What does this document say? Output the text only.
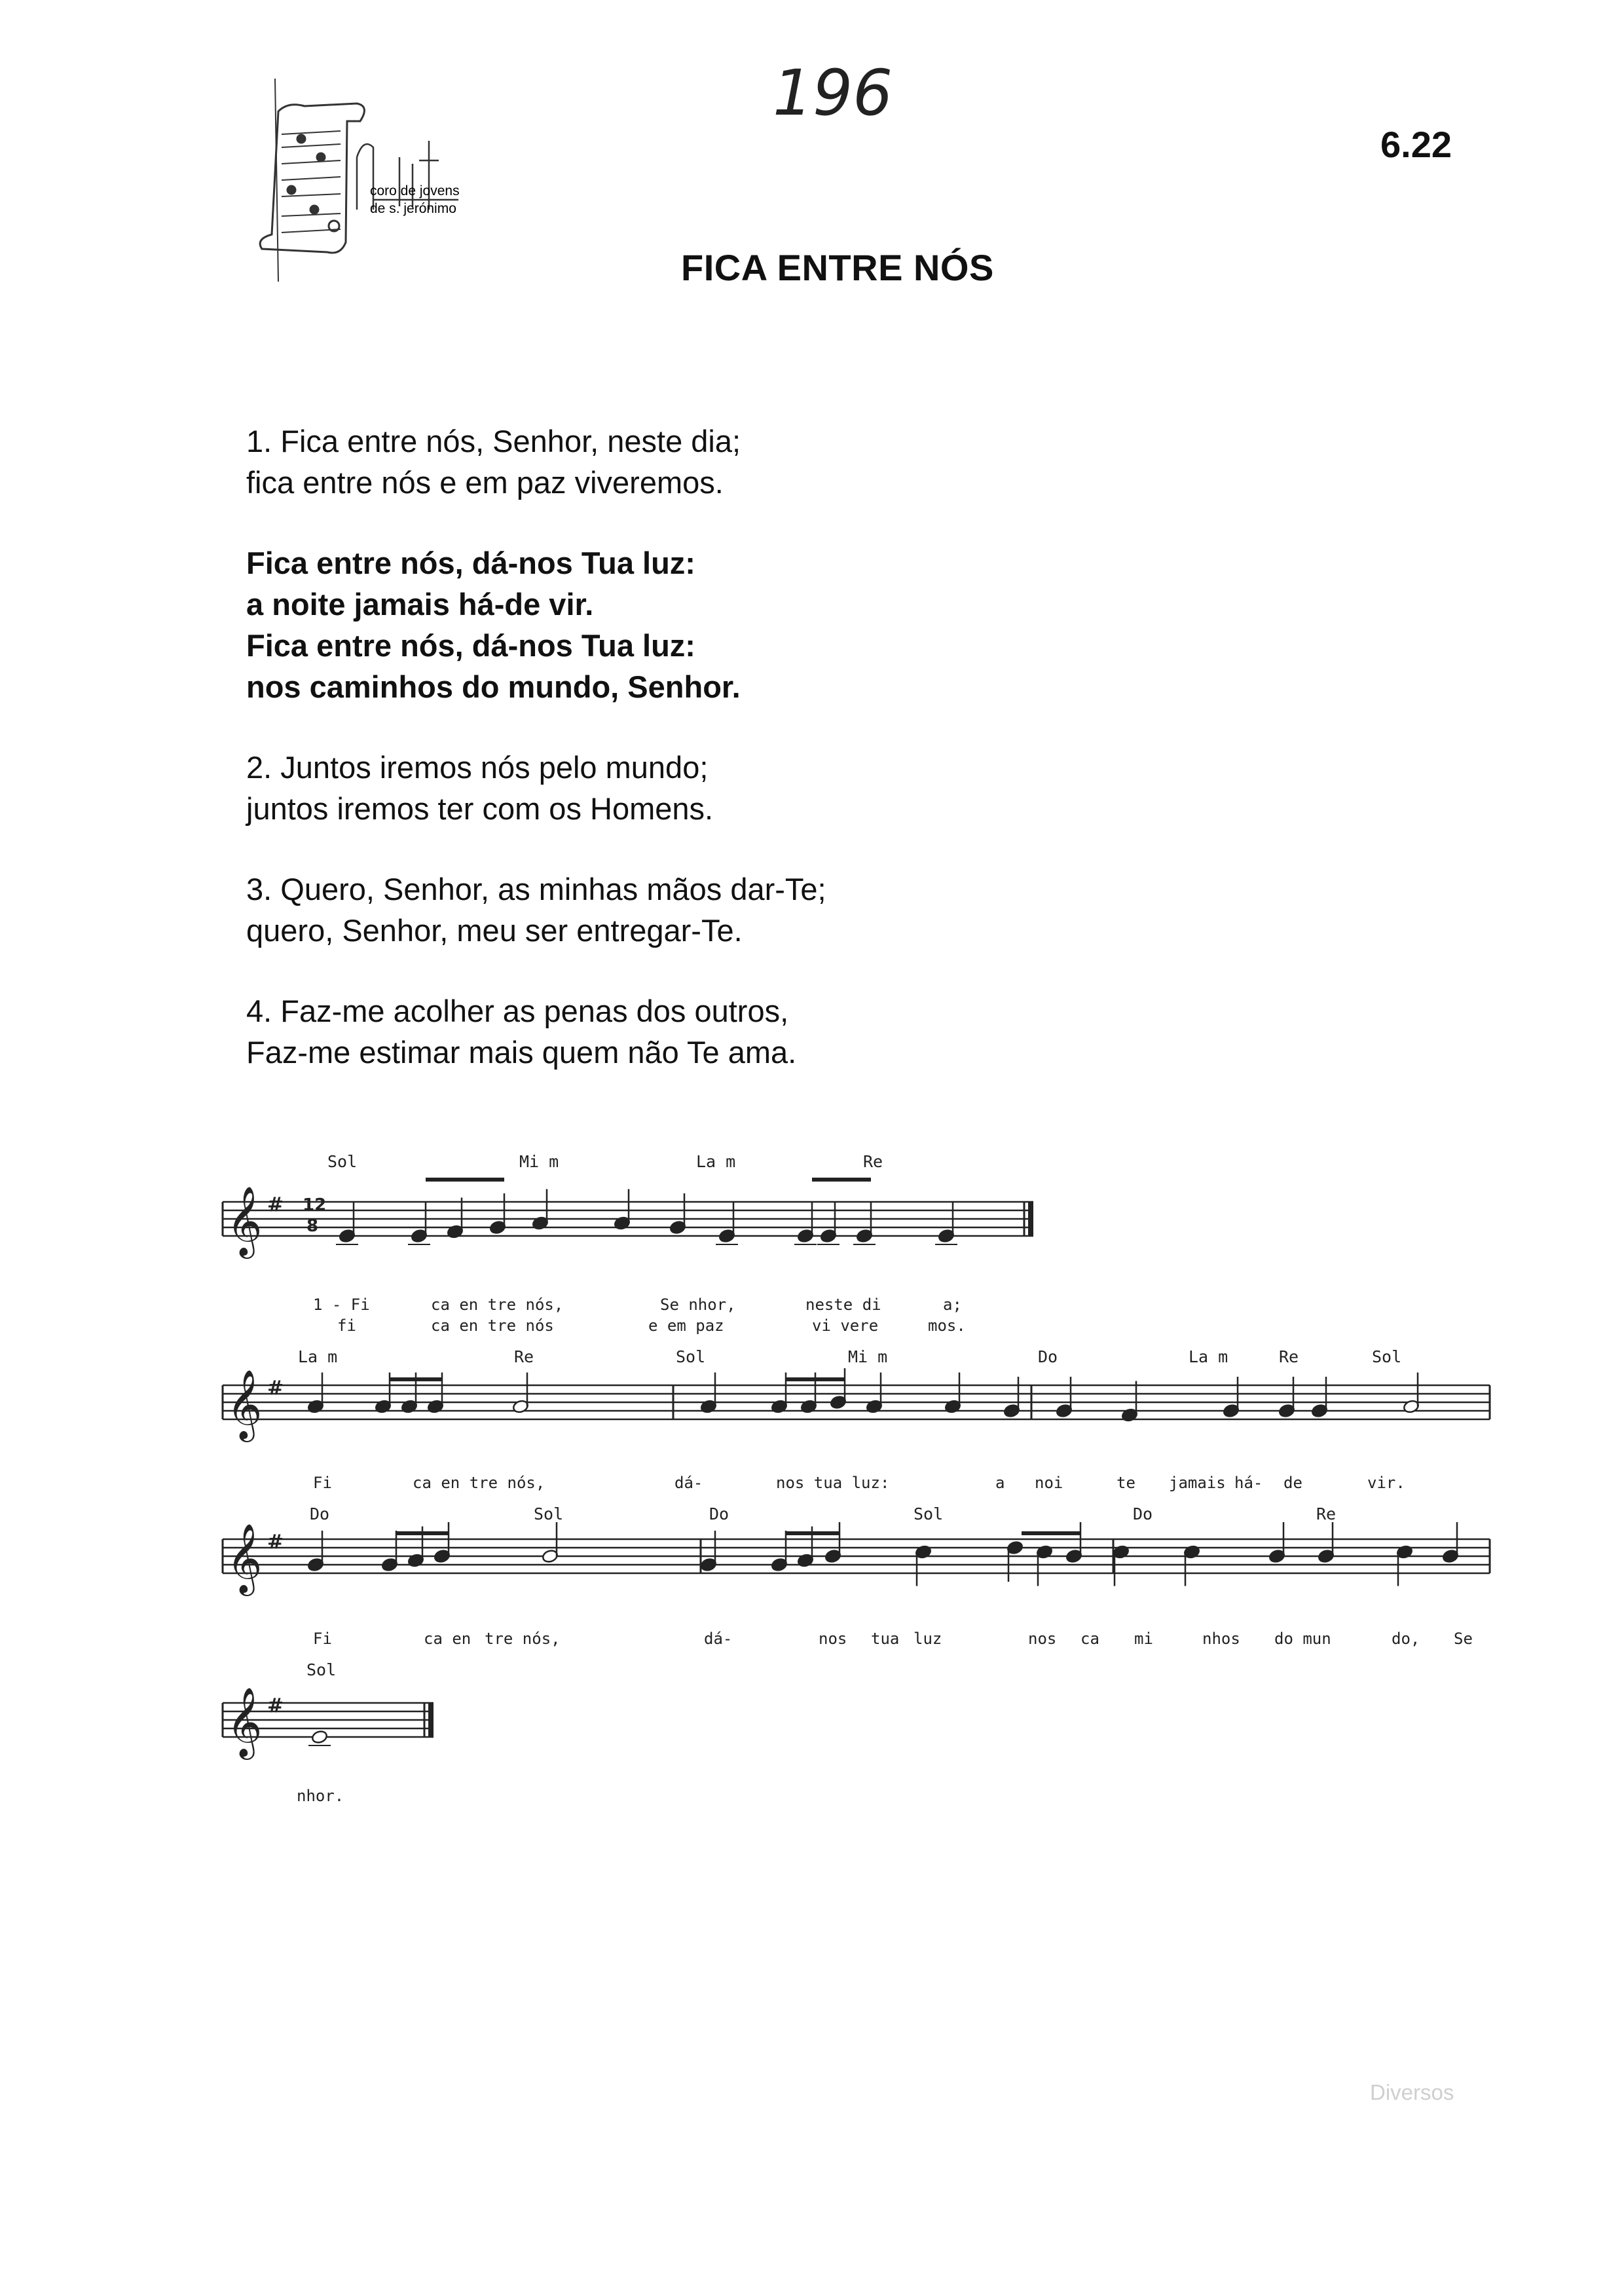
coro de jovens
de s. jerónimo
196
6.22
FICA ENTRE NÓS
1. Fica entre nós, Senhor, neste dia;
fica entre nós e em paz viveremos.
Fica entre nós, dá-nos Tua luz:
a noite jamais há-de vir.
Fica entre nós, dá-nos Tua luz:
nos caminhos do mundo, Senhor.
2. Juntos iremos nós pelo mundo;
juntos iremos ter com os Homens.
3. Quero, Senhor, as minhas mãos dar-Te;
quero, Senhor, meu ser entregar-Te.
4. Faz-me acolher as penas dos outros,
Faz-me estimar mais quem não Te ama.
𝄞 #
𝄞 #
𝄞 #
𝄞 #
12
8
Sol	Mi m	La m	Re
La m	Re	Sol	Mi m	Do	La m	Re	Sol
Do	Sol	Do	Sol	Do	Re
Sol
1 - Fi	ca en tre nós,	Se nhor,	neste di	a;
fi	ca en tre nós	e em paz	vi vere	mos.
Fi	ca en tre nós,	dá-	nos tua luz:	a noi	te jamais há- de	vir.
Fi	ca en tre nós,	dá-	nos tua luz	nos ca mi	nhos do mun	do, Se
nhor.
Diversos
